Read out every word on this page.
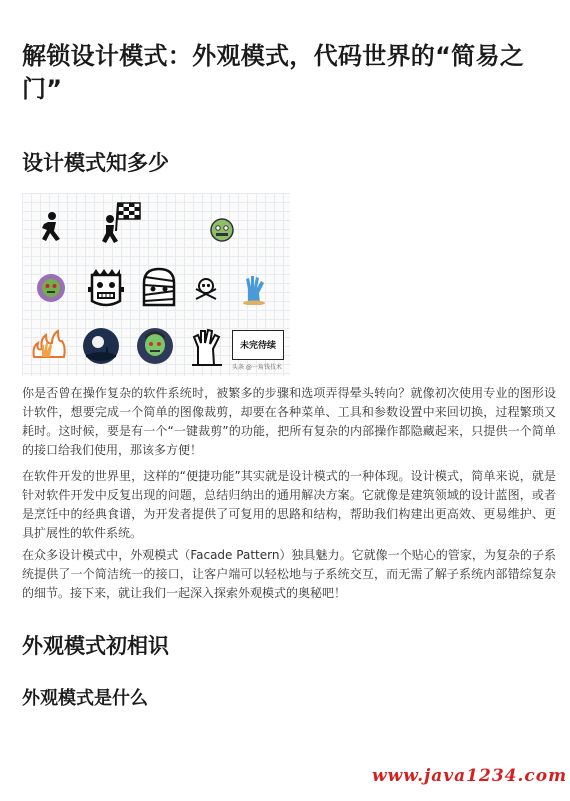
解锁设计模式：外观模式，代码世界的“简易之门”
设计模式知多少
未完待续
头条 @一角钱技术
你是否曾在操作复杂的软件系统时，被繁多的步骤和选项弄得晕头转向？就像初次使用专业的图形设计软件，想要完成一个简单的图像裁剪，却要在各种菜单、工具和参数设置中来回切换，过程繁琐又耗时。这时候，要是有一个“一键裁剪”的功能，把所有复杂的内部操作都隐藏起来，只提供一个简单的接口给我们使用，那该多方便！
在软件开发的世界里，这样的“便捷功能”其实就是设计模式的一种体现。设计模式，简单来说，就是针对软件开发中反复出现的问题，总结归纳出的通用解决方案。它就像是建筑领域的设计蓝图，或者是烹饪中的经典食谱，为开发者提供了可复用的思路和结构，帮助我们构建出更高效、更易维护、更具扩展性的软件系统。
在众多设计模式中，外观模式（Facade Pattern）独具魅力。它就像一个贴心的管家，为复杂的子系统提供了一个简洁统一的接口，让客户端可以轻松地与子系统交互，而无需了解子系统内部错综复杂的细节。接下来，就让我们一起深入探索外观模式的奥秘吧！
外观模式初相识
外观模式是什么
www.java1234.com
